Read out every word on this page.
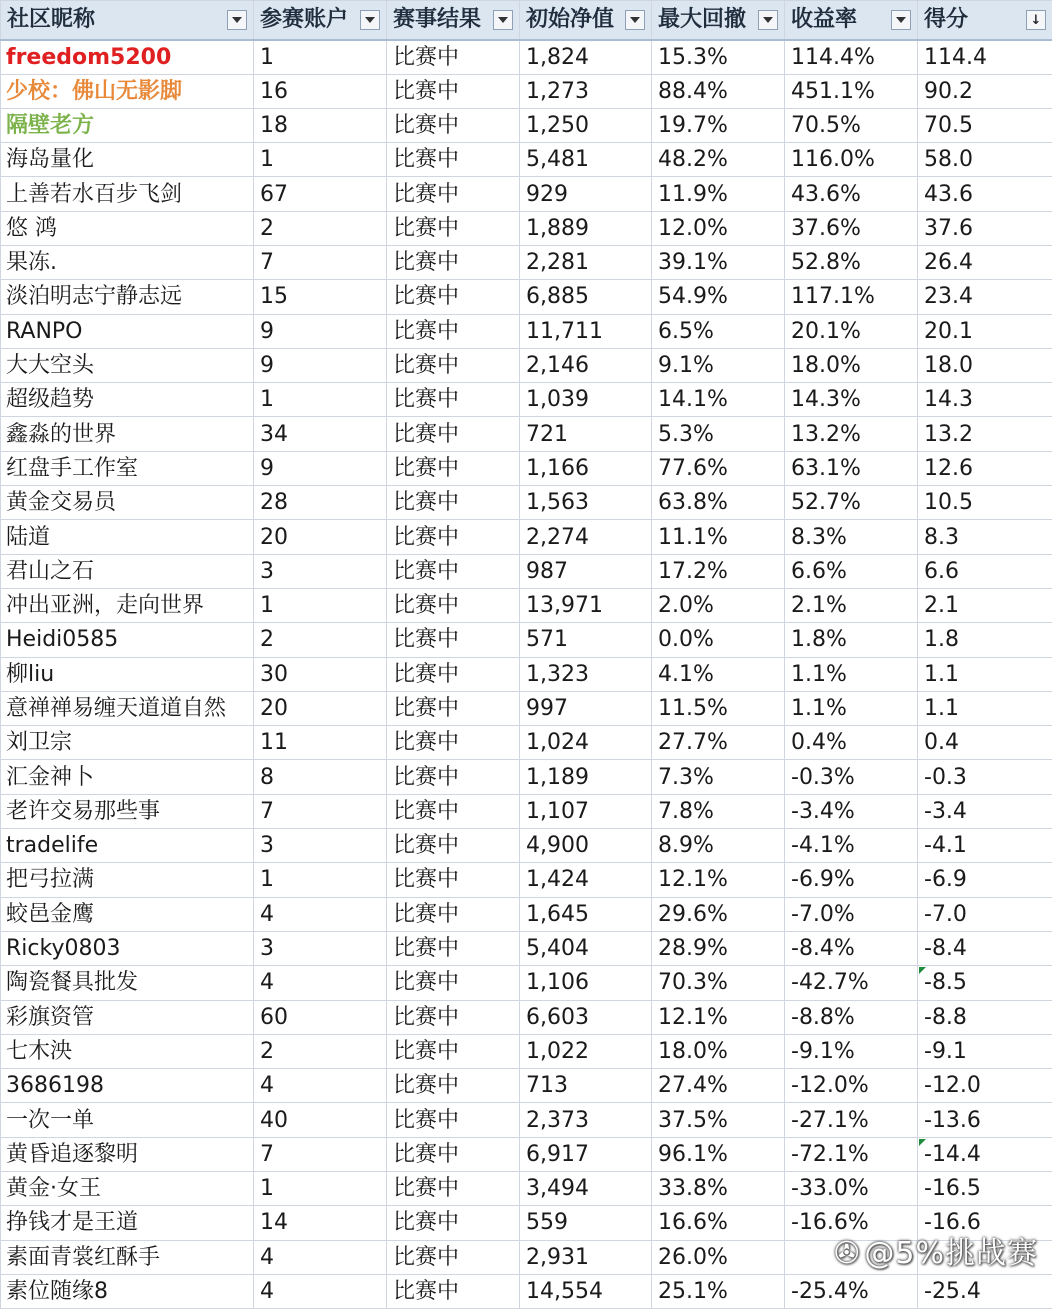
社区昵称	参赛账户	赛事结果	初始净值	最大回撤	收益率	得分 ↓

freedom5200	1	比赛中	1,824	15.3%	114.4%	114.4
少校：佛山无影脚	16	比赛中	1,273	88.4%	451.1%	90.2
隔壁老方	18	比赛中	1,250	19.7%	70.5%	70.5
海岛量化	1	比赛中	5,481	48.2%	116.0%	58.0
上善若水百步飞剑	67	比赛中	929	11.9%	43.6%	43.6
悠 鸿	2	比赛中	1,889	12.0%	37.6%	37.6
果冻.	7	比赛中	2,281	39.1%	52.8%	26.4
淡泊明志宁静志远	15	比赛中	6,885	54.9%	117.1%	23.4
RANPO	9	比赛中	11,711	6.5%	20.1%	20.1
大大空头	9	比赛中	2,146	9.1%	18.0%	18.0
超级趋势	1	比赛中	1,039	14.1%	14.3%	14.3
鑫淼的世界	34	比赛中	721	5.3%	13.2%	13.2
红盘手工作室	9	比赛中	1,166	77.6%	63.1%	12.6
黄金交易员	28	比赛中	1,563	63.8%	52.7%	10.5
陆道	20	比赛中	2,274	11.1%	8.3%	8.3
君山之石	3	比赛中	987	17.2%	6.6%	6.6
冲出亚洲，走向世界	1	比赛中	13,971	2.0%	2.1%	2.1
Heidi0585	2	比赛中	571	0.0%	1.8%	1.8
柳liu	30	比赛中	1,323	4.1%	1.1%	1.1
意禅禅易缠天道道自然	20	比赛中	997	11.5%	1.1%	1.1
刘卫宗	11	比赛中	1,024	27.7%	0.4%	0.4
汇金神卜	8	比赛中	1,189	7.3%	-0.3%	-0.3
老许交易那些事	7	比赛中	1,107	7.8%	-3.4%	-3.4
tradelife	3	比赛中	4,900	8.9%	-4.1%	-4.1
把弓拉满	1	比赛中	1,424	12.1%	-6.9%	-6.9
蛟邑金鹰	4	比赛中	1,645	29.6%	-7.0%	-7.0
Ricky0803	3	比赛中	5,404	28.9%	-8.4%	-8.4
陶瓷餐具批发	4	比赛中	1,106	70.3%	-42.7%	-8.5

彩旗资管	60	比赛中	6,603	12.1%	-8.8%	-8.8
七木泱	2	比赛中	1,022	18.0%	-9.1%	-9.1
3686198	4	比赛中	713	27.4%	-12.0%	-12.0
一次一单	40	比赛中	2,373	37.5%	-27.1%	-13.6
黄昏追逐黎明	7	比赛中	6,917	96.1%	-72.1%	-14.4

黄金·女王	1	比赛中	3,494	33.8%	-33.0%	-16.5
挣钱才是王道	14	比赛中	559	16.6%	-16.6%	-16.6
素面青裳红酥手	4	比赛中	2,931	26.0%		
素位随缘8	4	比赛中	14,554	25.1%	-25.4%	-25.4
✇ @5%挑战赛
